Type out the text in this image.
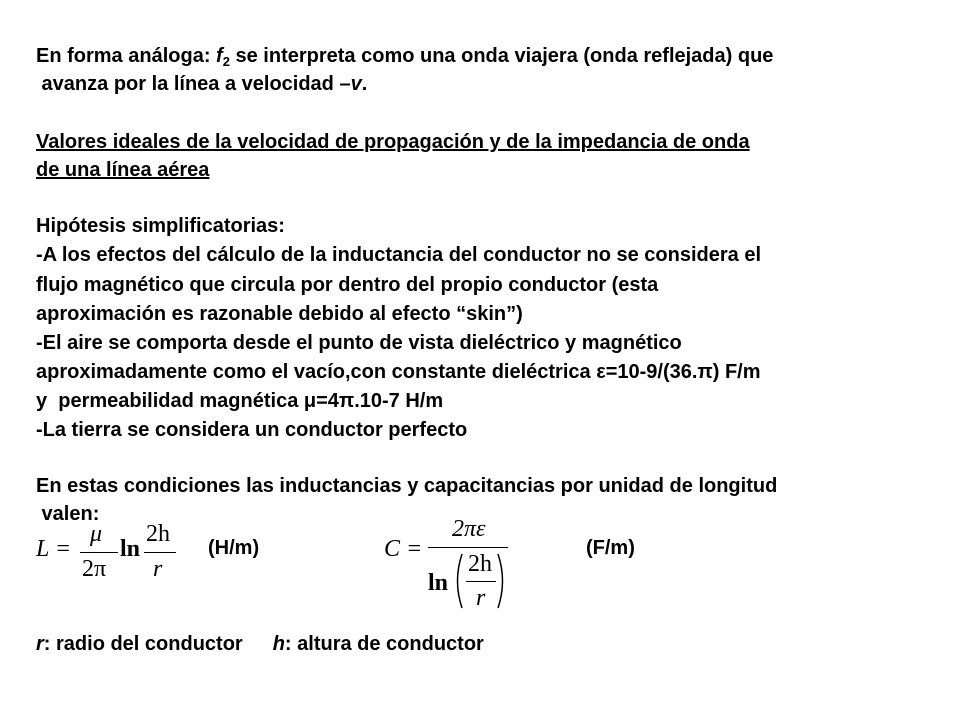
En forma análoga: $f_2$ se interpreta como una onda viajera (onda reflejada) que
avanza por la línea a velocidad –v.
Valores ideales de la velocidad de propagación y de la impedancia de onda
de una línea aérea
Hipótesis simplificatorias:
-A los efectos del cálculo de la inductancia del conductor no se considera el
flujo magnético que circula por dentro del propio conductor (esta
aproximación es razonable debido al efecto “skin”)
-El aire se comporta desde el punto de vista dieléctrico y magnético
aproximadamente como el vacío,con constante dieléctrica ε=10-9/(36.π) F/m
y  permeabilidad magnética μ=4π.10-7 H/m
-La tierra se considera un conductor perfecto
En estas condiciones las inductancias y capacitancias por unidad de longitud
valen:
L =
μ
2π
ln
2h
r
(H/m)	C =
2πε
ln
2h
r
(F/m)
r: radio del conductor h: altura de conductor
